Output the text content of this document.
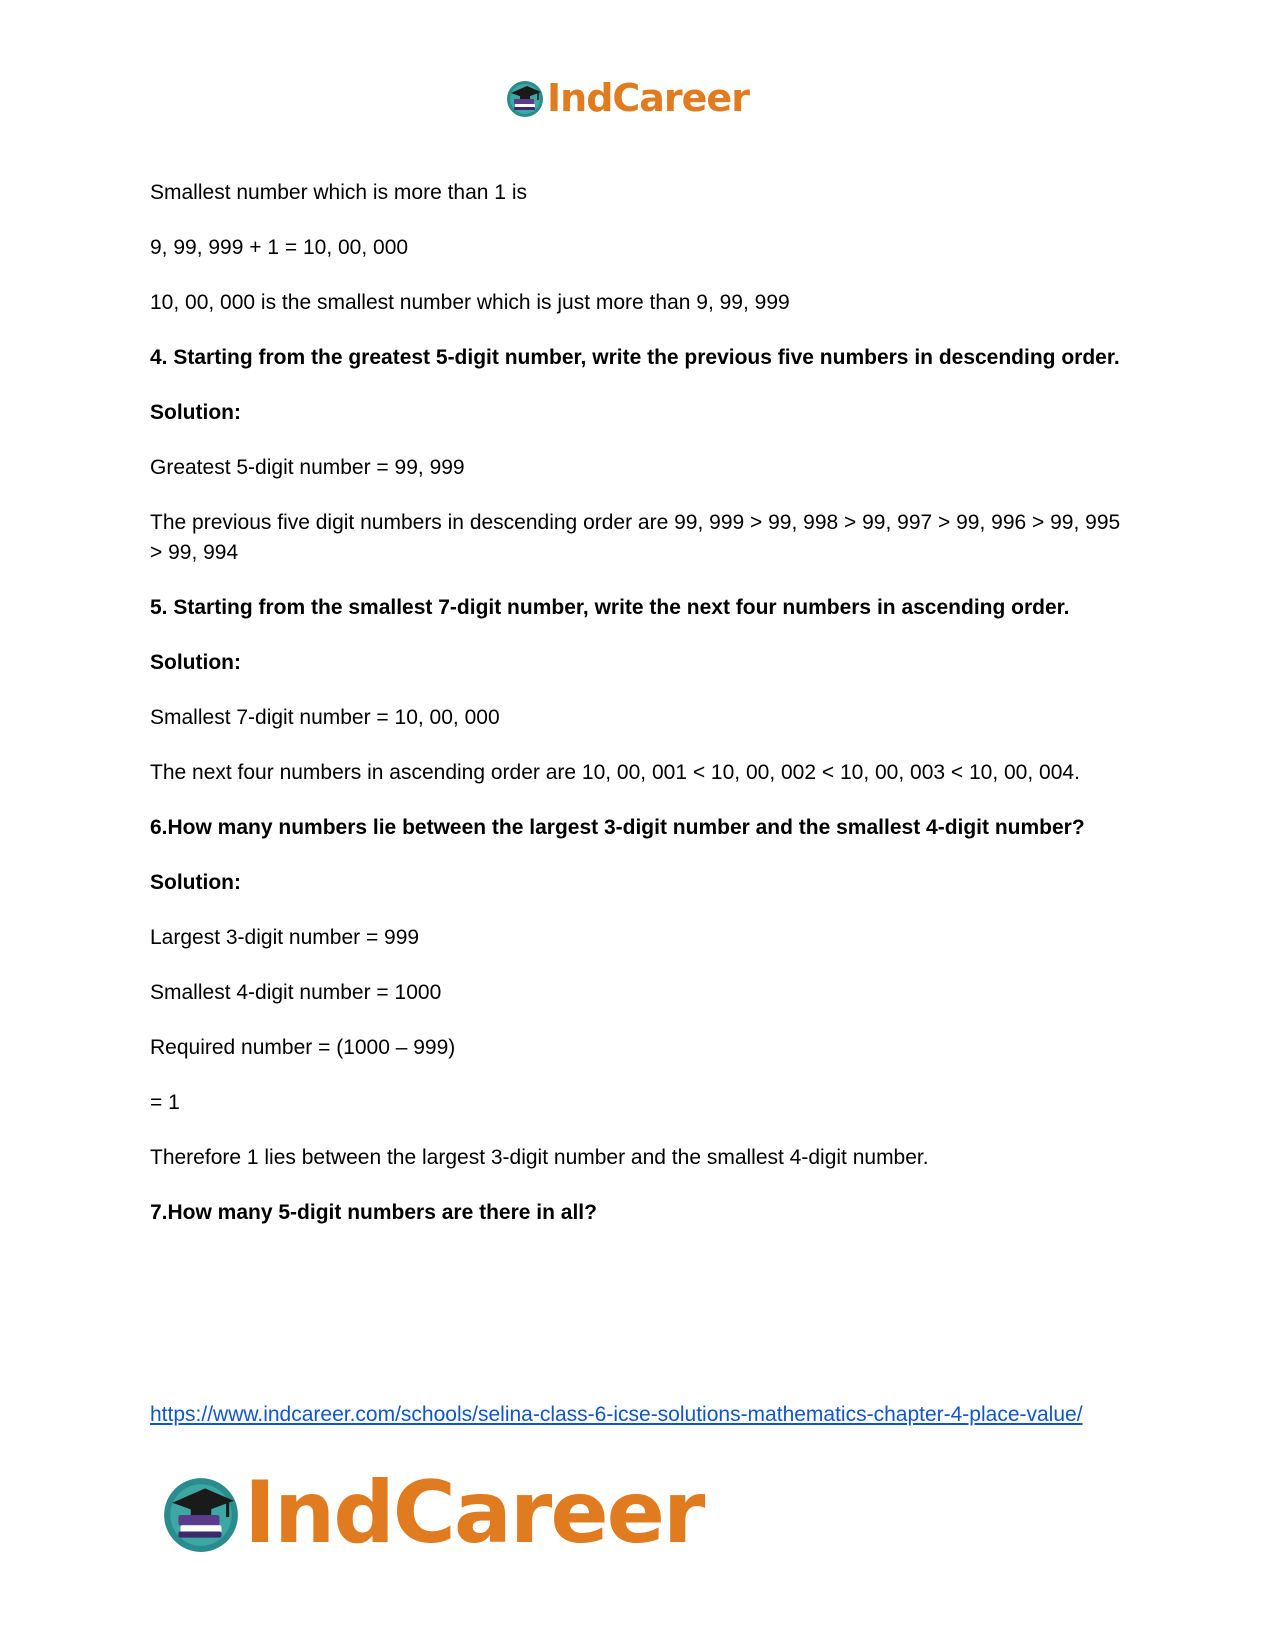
IndCareer

Smallest number which is more than 1 is

9, 99, 999 + 1 = 10, 00, 000

10, 00, 000 is the smallest number which is just more than 9, 99, 999

4. Starting from the greatest 5-digit number, write the previous five numbers in descending order.

Solution:

Greatest 5-digit number = 99, 999

The previous five digit numbers in descending order are 99, 999 > 99, 998 > 99, 997 > 99, 996 > 99, 995 > 99, 994

5. Starting from the smallest 7-digit number, write the next four numbers in ascending order.

Solution:

Smallest 7-digit number = 10, 00, 000

The next four numbers in ascending order are 10, 00, 001 < 10, 00, 002 < 10, 00, 003 < 10, 00, 004.

6.How many numbers lie between the largest 3-digit number and the smallest 4-digit number?

Solution:

Largest 3-digit number = 999

Smallest 4-digit number = 1000

Required number = (1000 – 999)

= 1

Therefore 1 lies between the largest 3-digit number and the smallest 4-digit number.

7.How many 5-digit numbers are there in all?

https://www.indcareer.com/schools/selina-class-6-icse-solutions-mathematics-chapter-4-place-value/
IndCareer
